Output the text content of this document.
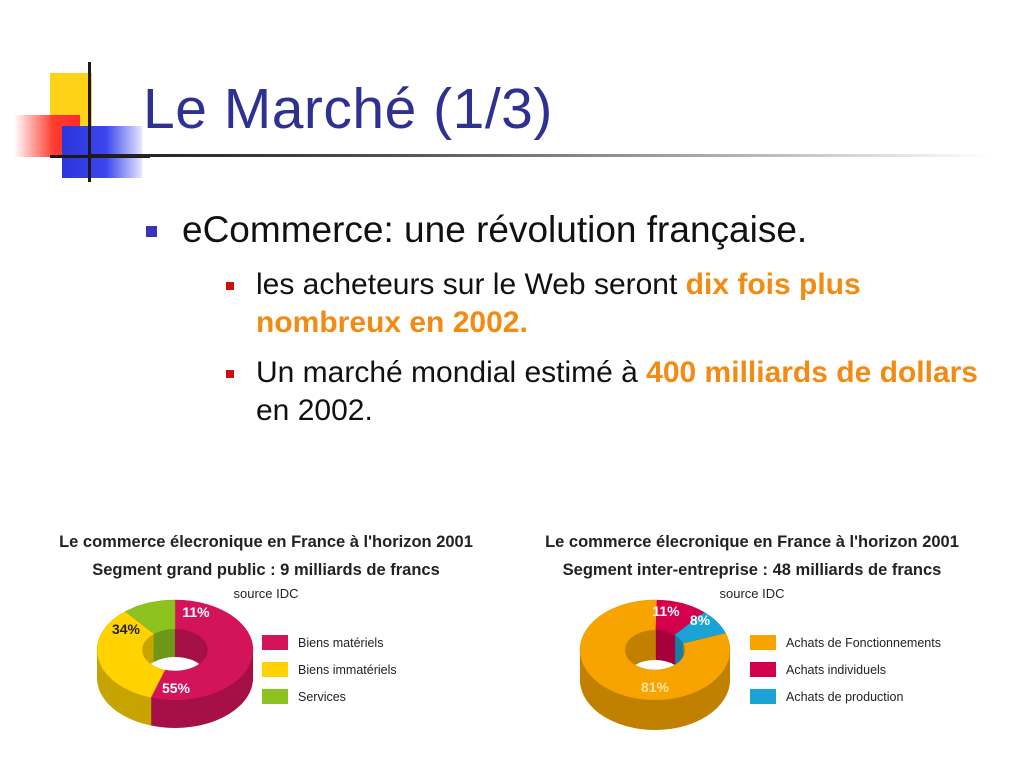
Le Marché (1/3)
eCommerce: une révolution française.
les acheteurs sur le Web seront dix fois plus nombreux en 2002.
Un marché mondial estimé à 400 milliards de dollars en 2002.
Le commerce élecronique en France à l'horizon 2001
Segment grand public : 9 milliards de francs
source IDC
55%
34%
11%
Biens matériels
Biens immatériels
Services
Le commerce élecronique en France à l'horizon 2001
Segment inter-entreprise : 48 milliards de francs
source IDC
81%
11%
8%
Achats de Fonctionnements
Achats individuels
Achats de production
